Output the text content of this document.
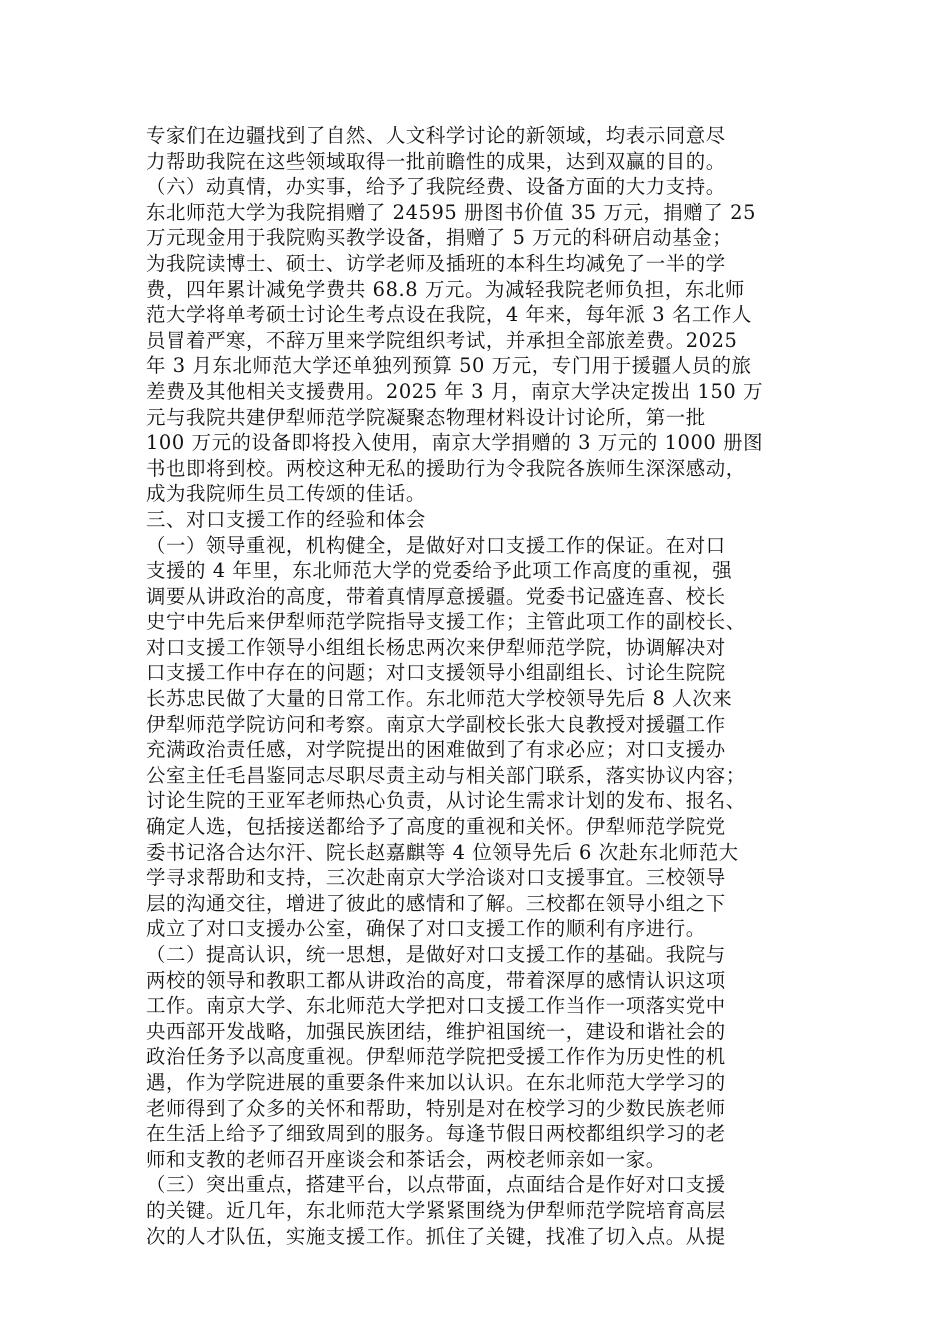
专家们在边疆找到了自然、人文科学讨论的新领域，均表示同意尽
力帮助我院在这些领域取得一批前瞻性的成果，达到双赢的目的。
（六）动真情，办实事，给予了我院经费、设备方面的大力支持。
东北师范大学为我院捐赠了 24595 册图书价值 35 万元，捐赠了 25
万元现金用于我院购买教学设备，捐赠了 5 万元的科研启动基金；
为我院读博士、硕士、访学老师及插班的本科生均减免了一半的学
费，四年累计减免学费共 68.8 万元。为减轻我院老师负担，东北师
范大学将单考硕士讨论生考点设在我院，4 年来，每年派 3 名工作人
员冒着严寒，不辞万里来学院组织考试，并承担全部旅差费。2025
年 3 月东北师范大学还单独列预算 50 万元，专门用于援疆人员的旅
差费及其他相关支援费用。2025 年 3 月，南京大学决定拨出 150 万
元与我院共建伊犁师范学院凝聚态物理材料设计讨论所，第一批
100 万元的设备即将投入使用，南京大学捐赠的 3 万元的 1000 册图
书也即将到校。两校这种无私的援助行为令我院各族师生深深感动，
成为我院师生员工传颂的佳话。
三、对口支援工作的经验和体会
（一）领导重视，机构健全，是做好对口支援工作的保证。在对口
支援的 4 年里，东北师范大学的党委给予此项工作高度的重视，强
调要从讲政治的高度，带着真情厚意援疆。党委书记盛连喜、校长
史宁中先后来伊犁师范学院指导支援工作；主管此项工作的副校长、
对口支援工作领导小组组长杨忠两次来伊犁师范学院，协调解决对
口支援工作中存在的问题；对口支援领导小组副组长、讨论生院院
长苏忠民做了大量的日常工作。东北师范大学校领导先后 8 人次来
伊犁师范学院访问和考察。南京大学副校长张大良教授对援疆工作
充满政治责任感，对学院提出的困难做到了有求必应；对口支援办
公室主任毛昌鉴同志尽职尽责主动与相关部门联系，落实协议内容；
讨论生院的王亚军老师热心负责，从讨论生需求计划的发布、报名、
确定人选，包括接送都给予了高度的重视和关怀。伊犁师范学院党
委书记洛合达尔汗、院长赵嘉麒等 4 位领导先后 6 次赴东北师范大
学寻求帮助和支持，三次赴南京大学洽谈对口支援事宜。三校领导
层的沟通交往，增进了彼此的感情和了解。三校都在领导小组之下
成立了对口支援办公室，确保了对口支援工作的顺利有序进行。
（二）提高认识，统一思想，是做好对口支援工作的基础。我院与
两校的领导和教职工都从讲政治的高度，带着深厚的感情认识这项
工作。南京大学、东北师范大学把对口支援工作当作一项落实党中
央西部开发战略，加强民族团结，维护祖国统一，建设和谐社会的
政治任务予以高度重视。伊犁师范学院把受援工作作为历史性的机
遇，作为学院进展的重要条件来加以认识。在东北师范大学学习的
老师得到了众多的关怀和帮助，特别是对在校学习的少数民族老师
在生活上给予了细致周到的服务。每逢节假日两校都组织学习的老
师和支教的老师召开座谈会和茶话会，两校老师亲如一家。
（三）突出重点，搭建平台，以点带面，点面结合是作好对口支援
的关键。近几年，东北师范大学紧紧围绕为伊犁师范学院培育高层
次的人才队伍，实施支援工作。抓住了关键，找准了切入点。从提
